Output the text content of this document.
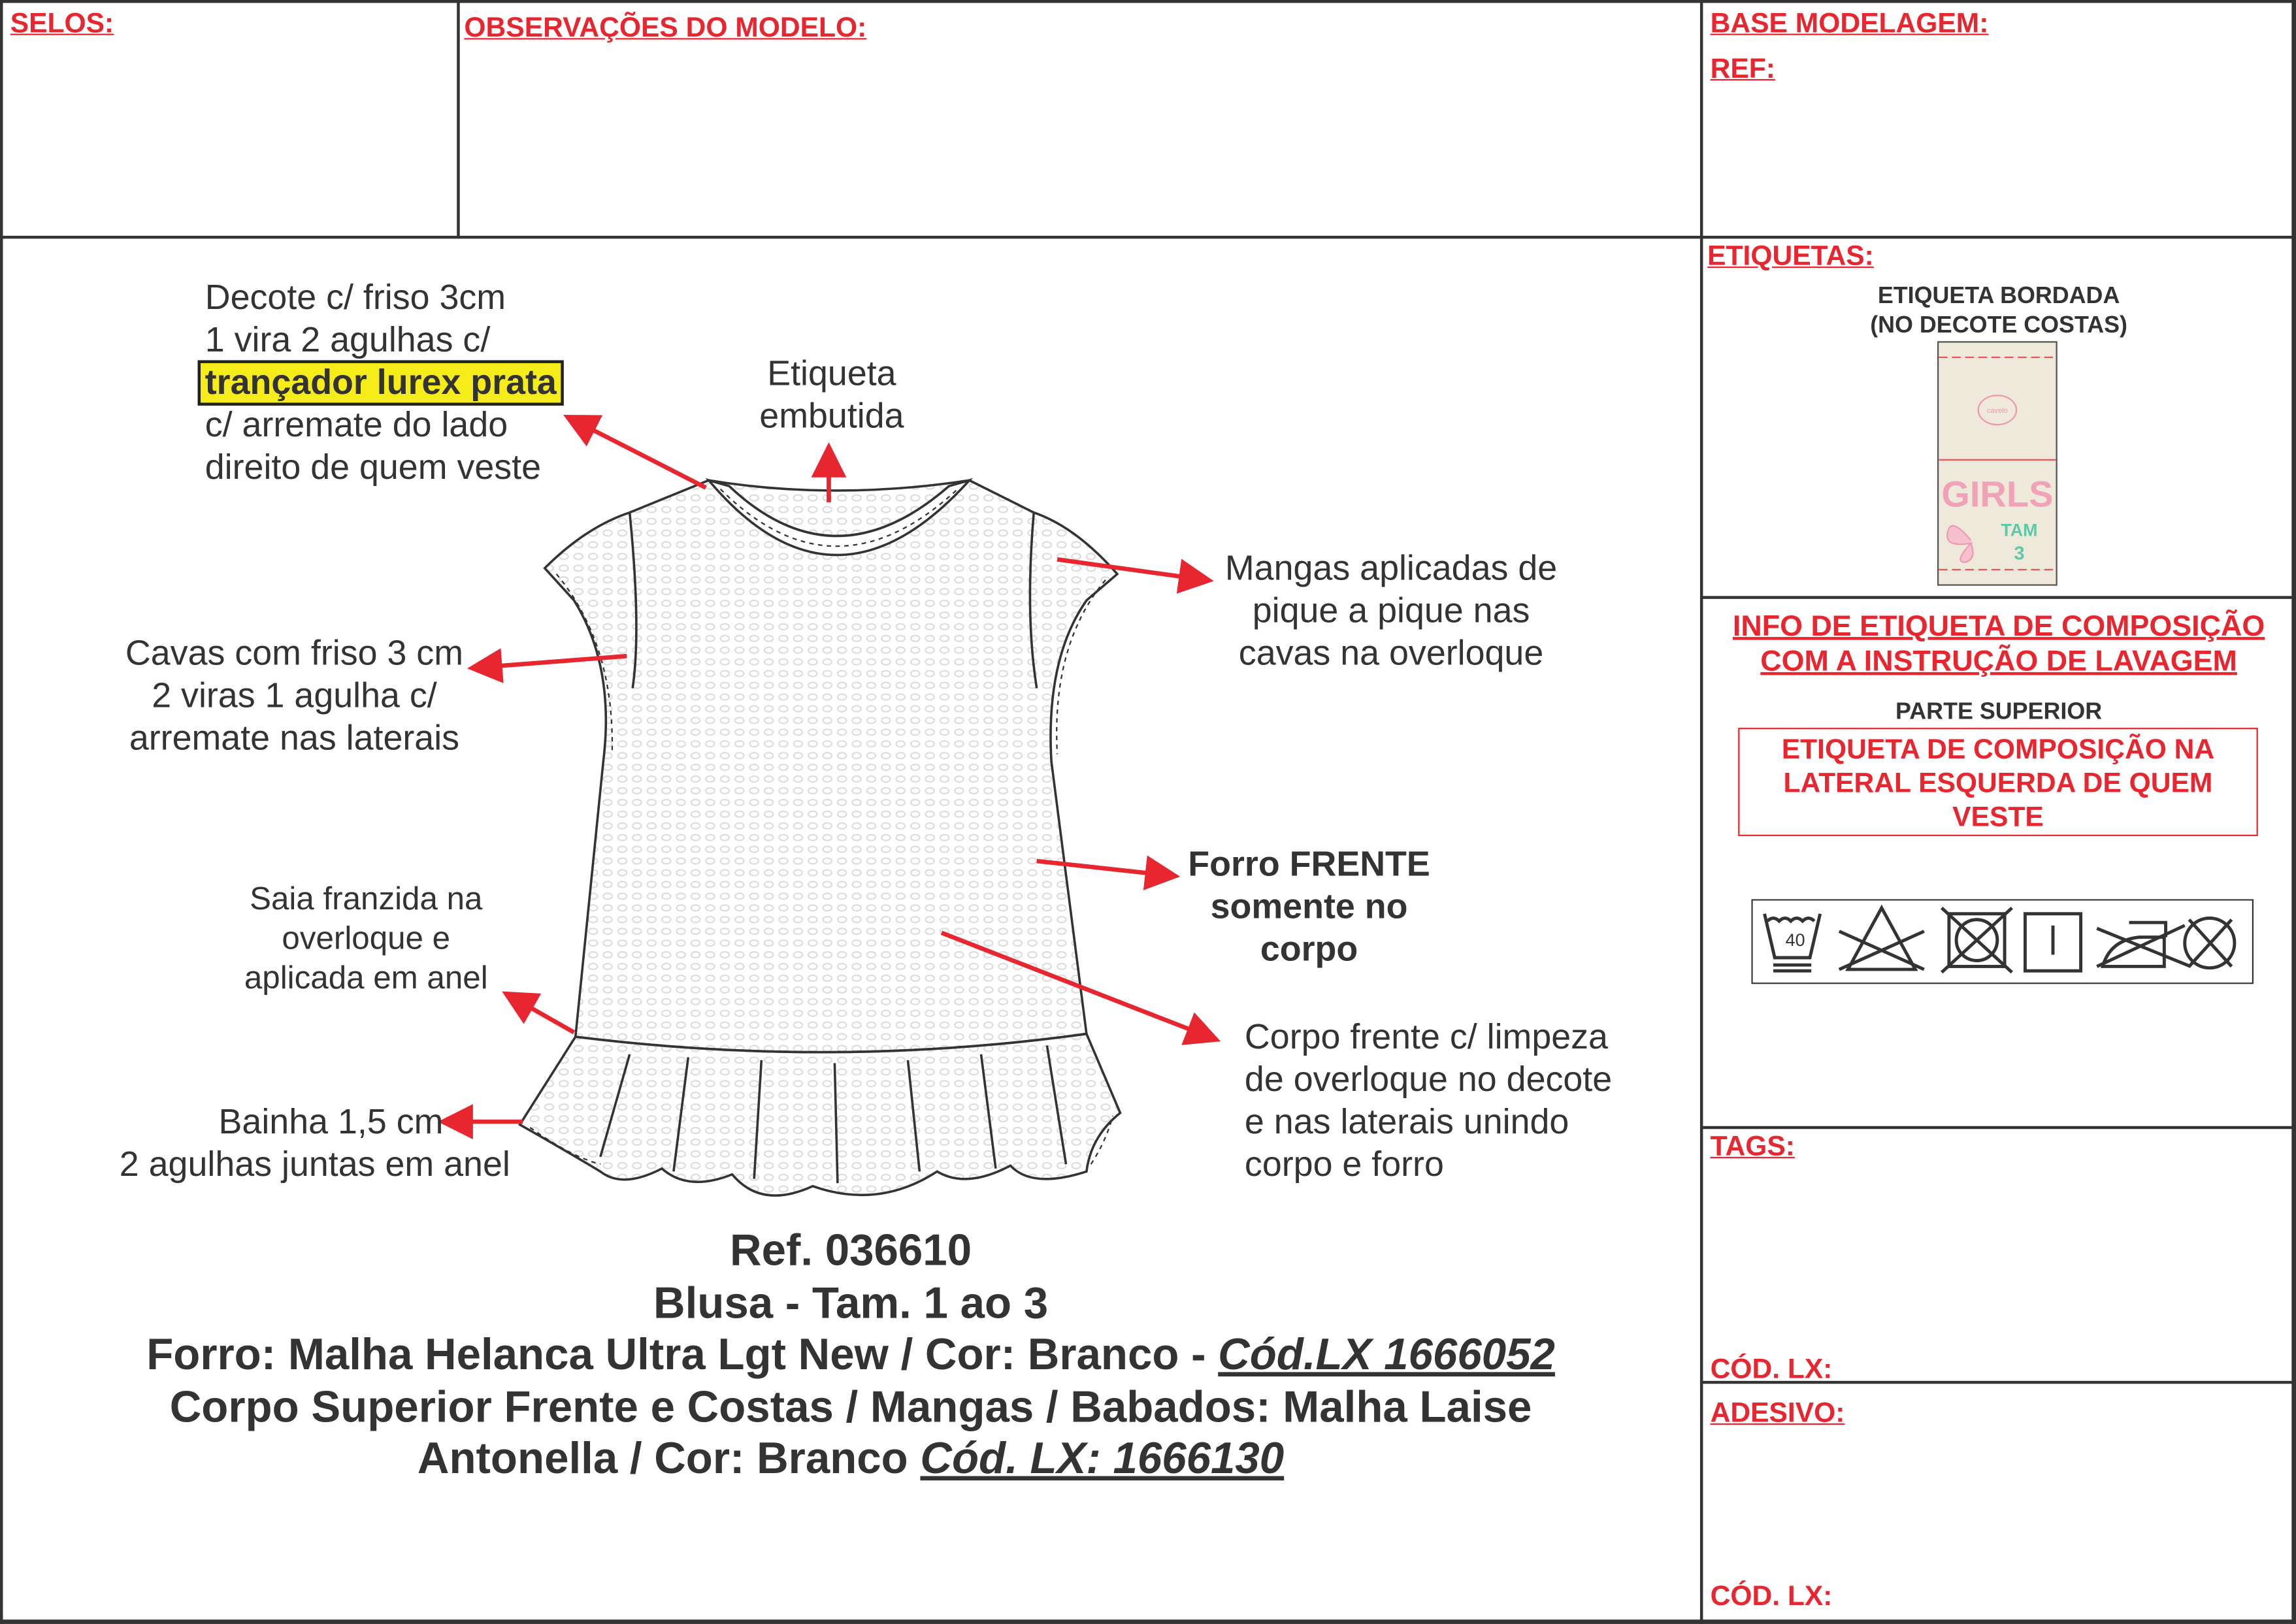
SELOS:	OBSERVAÇÕES DO MODELO:	BASE MODELAGEM:
REF:
Decote c/ friso 3cm
1 vira 2 agulhas c/
trançador lurex prata
c/ arremate do lado
direito de quem veste
Etiqueta
embutida
Mangas aplicadas de
pique a pique nas
cavas na overloque
Cavas com friso 3 cm
2 viras 1 agulha c/
arremate nas laterais
Forro FRENTE
somente no
corpo
Saia franzida na
overloque e
aplicada em anel
Corpo frente c/ limpeza
de overloque no decote
e nas laterais unindo
corpo e forro
Bainha 1,5 cm
2 agulhas juntas em anel
Ref. 036610
Blusa - Tam. 1 ao 3
Forro: Malha Helanca Ultra Lgt New / Cor: Branco - Cód.LX 1666052
Corpo Superior Frente e Costas / Mangas / Babados: Malha Laise
Antonella / Cor: Branco Cód. LX: 1666130
ETIQUETAS:
ETIQUETA BORDADA
(NO DECOTE COSTAS)
cavelo
GIRLS
TAM
3
INFO DE ETIQUETA DE COMPOSIÇÃO
COM A INSTRUÇÃO DE LAVAGEM
PARTE SUPERIOR
ETIQUETA DE COMPOSIÇÃO NA
LATERAL ESQUERDA DE QUEM
VESTE
40
TAGS:
CÓD. LX:
ADESIVO:
CÓD. LX:
